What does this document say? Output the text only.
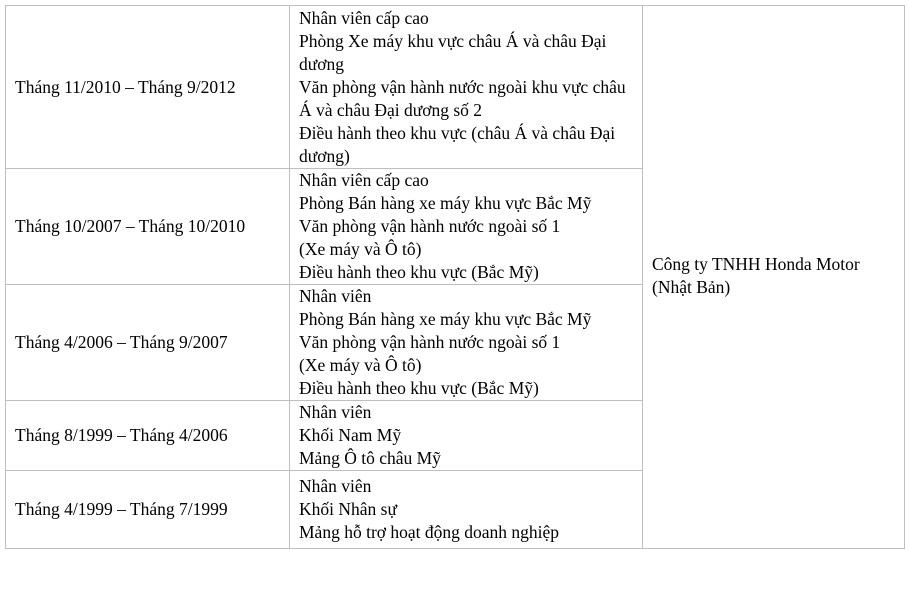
Tháng 11/2010 – Tháng 9/2012	Nhân viên cấp cao
Phòng Xe máy khu vực châu Á và châu Đại dương
Văn phòng vận hành nước ngoài khu vực châu Á và châu Đại dương số 2
Điều hành theo khu vực (châu Á và châu Đại dương)	Công ty TNHH Honda Motor (Nhật Bản)

Tháng 10/2007 – Tháng 10/2010	Nhân viên cấp cao
Phòng Bán hàng xe máy khu vực Bắc Mỹ
Văn phòng vận hành nước ngoài số 1
(Xe máy và Ô tô)
Điều hành theo khu vực (Bắc Mỹ)	

Tháng 4/2006 – Tháng 9/2007	Nhân viên
Phòng Bán hàng xe máy khu vực Bắc Mỹ
Văn phòng vận hành nước ngoài số 1
(Xe máy và Ô tô)
Điều hành theo khu vực (Bắc Mỹ)	

Tháng 8/1999 – Tháng 4/2006	Nhân viên
Khối Nam Mỹ
Mảng Ô tô châu Mỹ	

Tháng 4/1999 – Tháng 7/1999	Nhân viên
Khối Nhân sự
Mảng hỗ trợ hoạt động doanh nghiệp	
